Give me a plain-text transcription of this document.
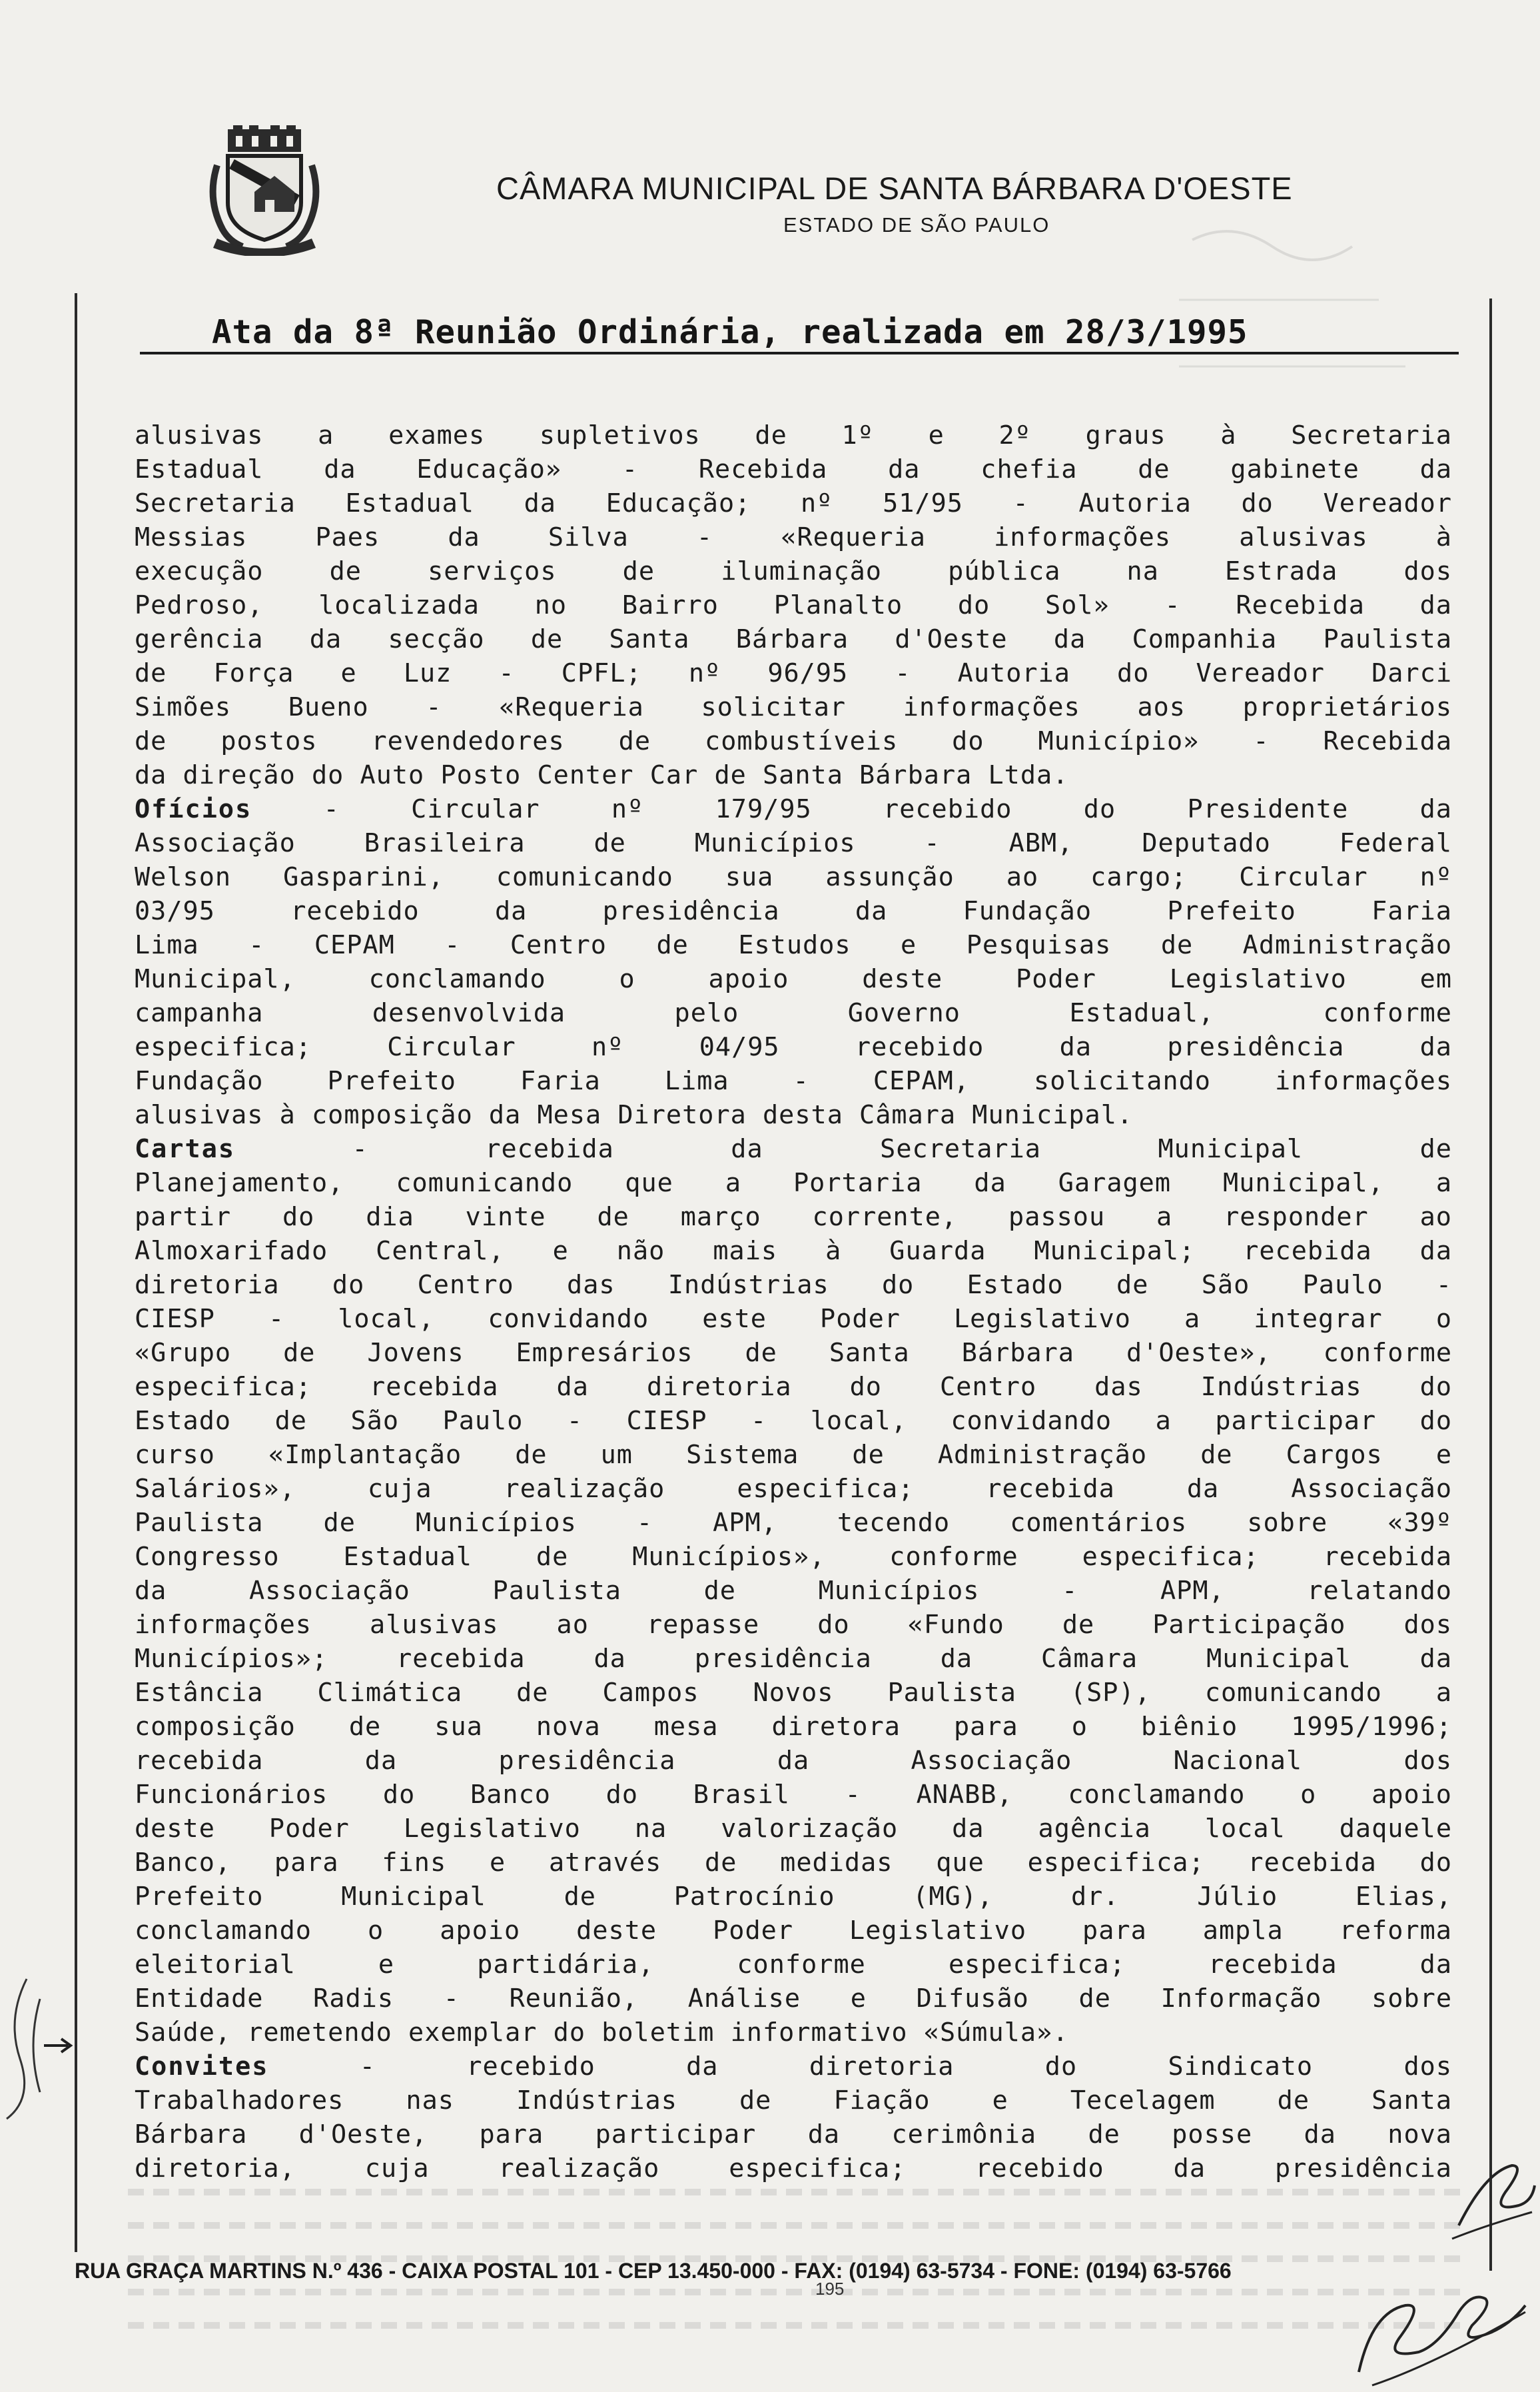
CÂMARA MUNICIPAL DE SANTA BÁRBARA D'OESTE
ESTADO DE SÃO PAULO
Ata da 8ª Reunião Ordinária, realizada em 28/3/1995
alusivas a exames supletivos de 1º e 2º graus à Secretaria
Estadual da Educação» - Recebida da chefia de gabinete da
Secretaria Estadual da Educação; nº 51/95 - Autoria do Vereador
Messias Paes da Silva - «Requeria informações alusivas à
execução de serviços de iluminação pública na Estrada dos
Pedroso, localizada no Bairro Planalto do Sol» - Recebida da
gerência da secção de Santa Bárbara d'Oeste da Companhia Paulista
de Força e Luz - CPFL; nº 96/95 - Autoria do Vereador Darci
Simões Bueno - «Requeria solicitar informações aos proprietários
de postos revendedores de combustíveis do Município» - Recebida
da direção do Auto Posto Center Car de Santa Bárbara Ltda.
Ofícios - Circular nº 179/95 recebido do Presidente da
Associação Brasileira de Municípios - ABM, Deputado Federal
Welson Gasparini, comunicando sua assunção ao cargo; Circular nº
03/95 recebido da presidência da Fundação Prefeito Faria
Lima - CEPAM - Centro de Estudos e Pesquisas de Administração
Municipal, conclamando o apoio deste Poder Legislativo em
campanha desenvolvida pelo Governo Estadual, conforme
especifica; Circular nº 04/95 recebido da presidência da
Fundação Prefeito Faria Lima - CEPAM, solicitando informações
alusivas à composição da Mesa Diretora desta Câmara Municipal.
Cartas - recebida da Secretaria Municipal de
Planejamento, comunicando que a Portaria da Garagem Municipal, a
partir do dia vinte de março corrente, passou a responder ao
Almoxarifado Central, e não mais à Guarda Municipal; recebida da
diretoria do Centro das Indústrias do Estado de São Paulo -
CIESP - local, convidando este Poder Legislativo a integrar o
«Grupo de Jovens Empresários de Santa Bárbara d'Oeste», conforme
especifica; recebida da diretoria do Centro das Indústrias do
Estado de São Paulo - CIESP - local, convidando a participar do
curso «Implantação de um Sistema de Administração de Cargos e
Salários», cuja realização especifica; recebida da Associação
Paulista de Municípios - APM, tecendo comentários sobre «39º
Congresso Estadual de Municípios», conforme especifica; recebida
da Associação Paulista de Municípios - APM, relatando
informações alusivas ao repasse do «Fundo de Participação dos
Municípios»; recebida da presidência da Câmara Municipal da
Estância Climática de Campos Novos Paulista (SP), comunicando a
composição de sua nova mesa diretora para o biênio 1995/1996;
recebida da presidência da Associação Nacional dos
Funcionários do Banco do Brasil - ANABB, conclamando o apoio
deste Poder Legislativo na valorização da agência local daquele
Banco, para fins e através de medidas que especifica; recebida do
Prefeito Municipal de Patrocínio (MG), dr. Júlio Elias,
conclamando o apoio deste Poder Legislativo para ampla reforma
eleitorial e partidária, conforme especifica; recebida da
Entidade Radis - Reunião, Análise e Difusão de Informação sobre
Saúde, remetendo exemplar do boletim informativo «Súmula».
Convites - recebido da diretoria do Sindicato dos
Trabalhadores nas Indústrias de Fiação e Tecelagem de Santa
Bárbara d'Oeste, para participar da cerimônia de posse da nova
diretoria, cuja realização especifica; recebido da presidência
RUA GRAÇA MARTINS N.º 436 - CAIXA POSTAL 101 - CEP 13.450-000 - FAX: (0194) 63-5734 - FONE: (0194) 63-5766
195
